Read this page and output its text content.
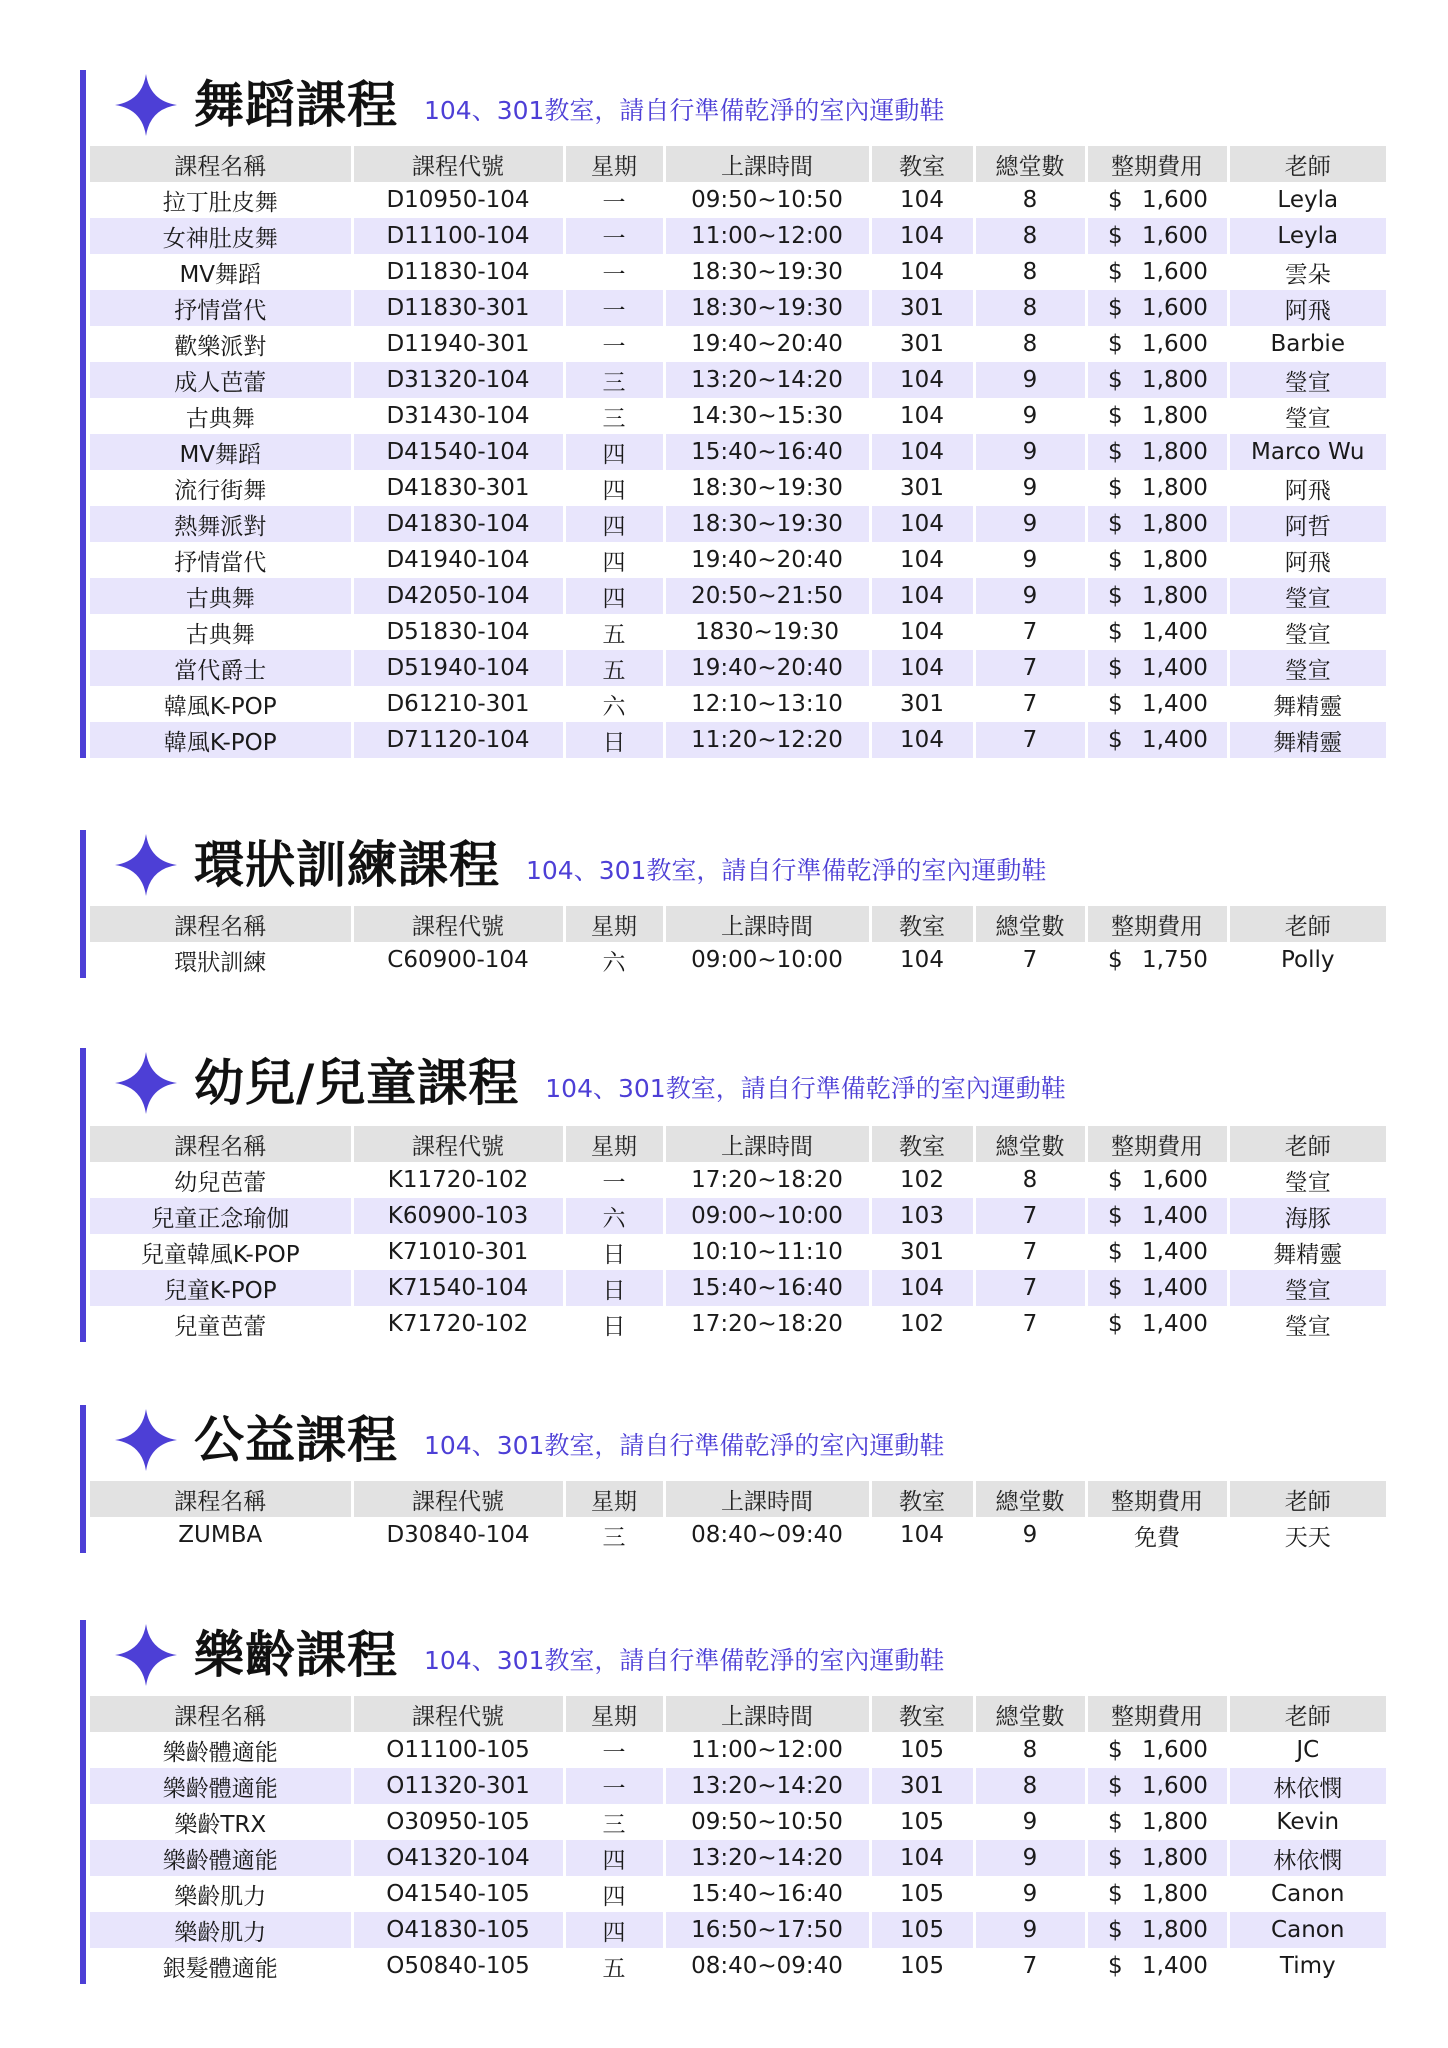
舞蹈課程 104、301教室，請自行準備乾淨的室內運動鞋
課程名稱	課程代號	星期	上課時間	教室	總堂數	整期費用	老師
拉丁肚皮舞	D10950-104	一	09:50~10:50	104	8	$ 1,600	Leyla
女神肚皮舞	D11100-104	一	11:00~12:00	104	8	$ 1,600	Leyla
MV舞蹈	D11830-104	一	18:30~19:30	104	8	$ 1,600	雲朵
抒情當代	D11830-301	一	18:30~19:30	301	8	$ 1,600	阿飛
歡樂派對	D11940-301	一	19:40~20:40	301	8	$ 1,600	Barbie
成人芭蕾	D31320-104	三	13:20~14:20	104	9	$ 1,800	瑩宣
古典舞	D31430-104	三	14:30~15:30	104	9	$ 1,800	瑩宣
MV舞蹈	D41540-104	四	15:40~16:40	104	9	$ 1,800	Marco Wu
流行街舞	D41830-301	四	18:30~19:30	301	9	$ 1,800	阿飛
熱舞派對	D41830-104	四	18:30~19:30	104	9	$ 1,800	阿哲
抒情當代	D41940-104	四	19:40~20:40	104	9	$ 1,800	阿飛
古典舞	D42050-104	四	20:50~21:50	104	9	$ 1,800	瑩宣
古典舞	D51830-104	五	1830~19:30	104	7	$ 1,400	瑩宣
當代爵士	D51940-104	五	19:40~20:40	104	7	$ 1,400	瑩宣
韓風K-POP	D61210-301	六	12:10~13:10	301	7	$ 1,400	舞精靈
韓風K-POP	D71120-104	日	11:20~12:20	104	7	$ 1,400	舞精靈
環狀訓練課程 104、301教室，請自行準備乾淨的室內運動鞋
課程名稱	課程代號	星期	上課時間	教室	總堂數	整期費用	老師
環狀訓練	C60900-104	六	09:00~10:00	104	7	$ 1,750	Polly
幼兒/兒童課程 104、301教室，請自行準備乾淨的室內運動鞋
課程名稱	課程代號	星期	上課時間	教室	總堂數	整期費用	老師
幼兒芭蕾	K11720-102	一	17:20~18:20	102	8	$ 1,600	瑩宣
兒童正念瑜伽	K60900-103	六	09:00~10:00	103	7	$ 1,400	海豚
兒童韓風K-POP	K71010-301	日	10:10~11:10	301	7	$ 1,400	舞精靈
兒童K-POP	K71540-104	日	15:40~16:40	104	7	$ 1,400	瑩宣
兒童芭蕾	K71720-102	日	17:20~18:20	102	7	$ 1,400	瑩宣
公益課程 104、301教室，請自行準備乾淨的室內運動鞋
課程名稱	課程代號	星期	上課時間	教室	總堂數	整期費用	老師
ZUMBA	D30840-104	三	08:40~09:40	104	9	免費	天天
樂齡課程 104、301教室，請自行準備乾淨的室內運動鞋
課程名稱	課程代號	星期	上課時間	教室	總堂數	整期費用	老師
樂齡體適能	O11100-105	一	11:00~12:00	105	8	$ 1,600	JC
樂齡體適能	O11320-301	一	13:20~14:20	301	8	$ 1,600	林依憫
樂齡TRX	O30950-105	三	09:50~10:50	105	9	$ 1,800	Kevin
樂齡體適能	O41320-104	四	13:20~14:20	104	9	$ 1,800	林依憫
樂齡肌力	O41540-105	四	15:40~16:40	105	9	$ 1,800	Canon
樂齡肌力	O41830-105	四	16:50~17:50	105	9	$ 1,800	Canon
銀髮體適能	O50840-105	五	08:40~09:40	105	7	$ 1,400	Timy
